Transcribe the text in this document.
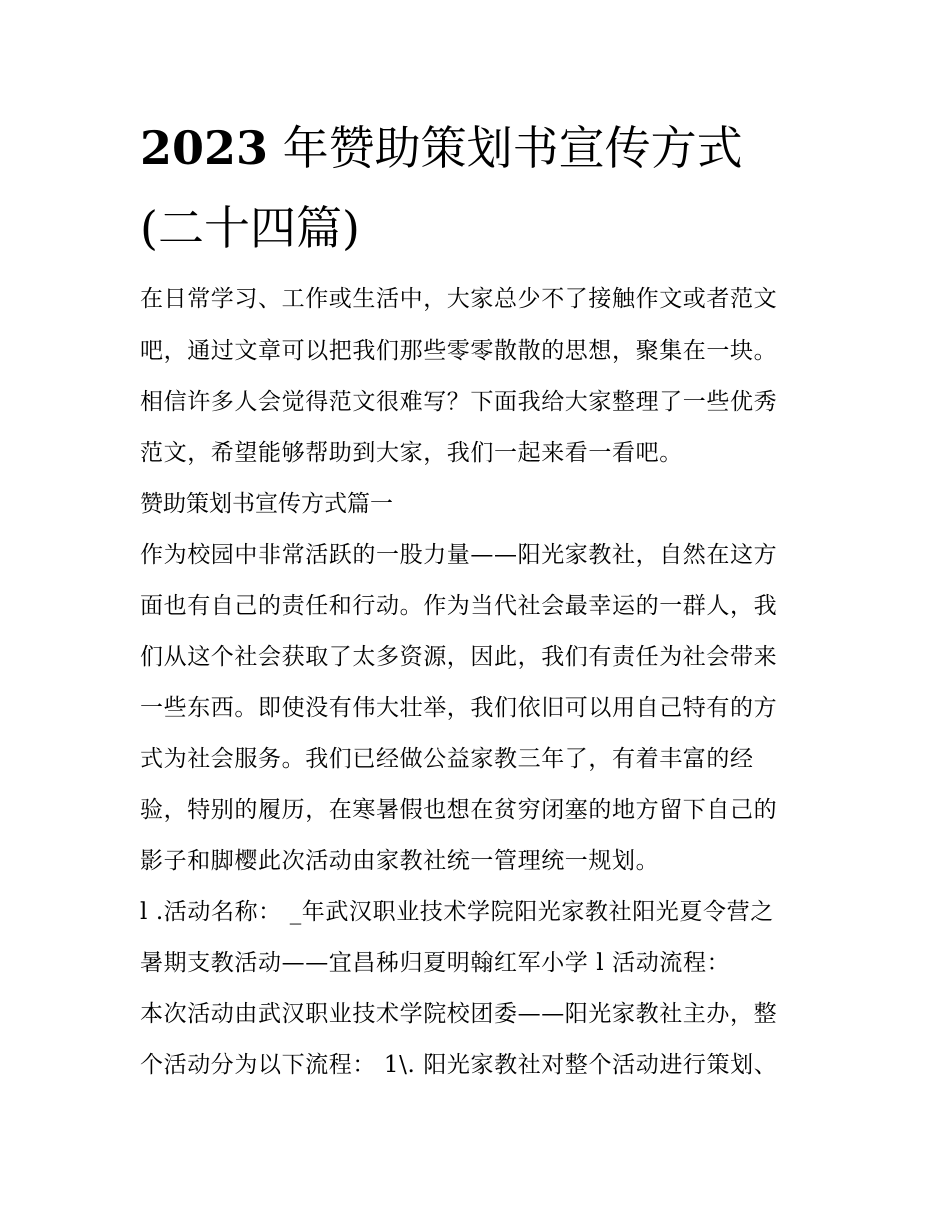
2023 年赞助策划书宣传方式
(二十四篇)
在日常学习、工作或生活中，大家总少不了接触作文或者范文
吧，通过文章可以把我们那些零零散散的思想，聚集在一块。
相信许多人会觉得范文很难写？下面我给大家整理了一些优秀
范文，希望能够帮助到大家，我们一起来看一看吧。
赞助策划书宣传方式篇一
作为校园中非常活跃的一股力量——阳光家教社，自然在这方
面也有自己的责任和行动。作为当代社会最幸运的一群人，我
们从这个社会获取了太多资源，因此，我们有责任为社会带来
一些东西。即使没有伟大壮举，我们依旧可以用自己特有的方
式为社会服务。我们已经做公益家教三年了，有着丰富的经
验，特别的履历，在寒暑假也想在贫穷闭塞的地方留下自己的
影子和脚樱此次活动由家教社统一管理统一规划。
l .活动名称： _年武汉职业技术学院阳光家教社阳光夏令营之
暑期支教活动——宜昌秭归夏明翰红军小学 l 活动流程：
本次活动由武汉职业技术学院校团委——阳光家教社主办，整
个活动分为以下流程： 1\. 阳光家教社对整个活动进行策划、
